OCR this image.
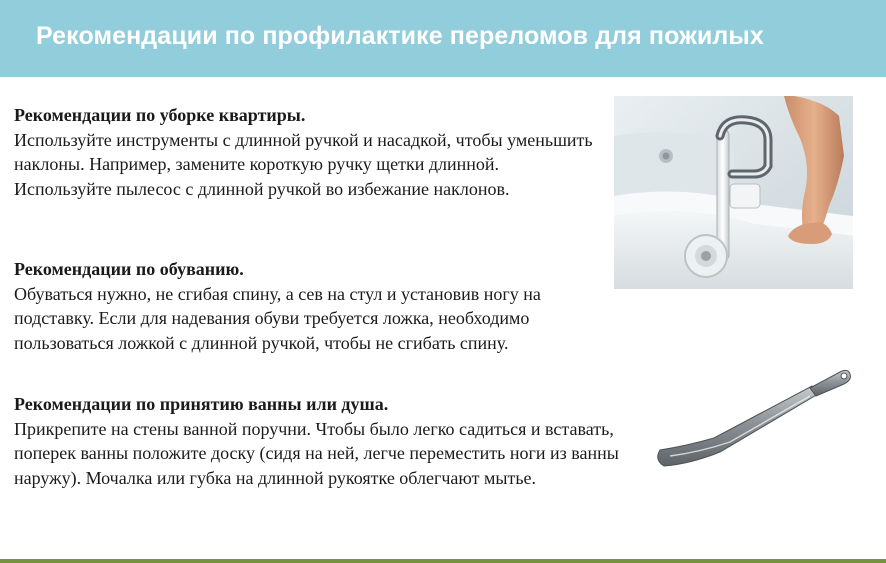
Рекомендации по профилактике переломов для пожилых
Рекомендации по уборке квартиры.
Используйте инструменты с длинной ручкой и насадкой, чтобы уменьшить наклоны. Например, замените короткую ручку щетки длинной. Используйте пылесос с длинной ручкой во избежание наклонов.
Рекомендации по обуванию.
Обуваться нужно, не сгибая спину, а сев на стул и установив ногу на подставку. Если для надевания обуви требуется ложка, необходимо пользоваться ложкой с длинной ручкой, чтобы не сгибать спину.
Рекомендации по принятию ванны или душа.
Прикрепите на стены ванной поручни. Чтобы было легко садиться и вставать, поперек ванны положите доску (сидя на ней, легче переместить ноги из ванны наружу). Мочалка или губка на длинной рукоятке облегчают мытье.
